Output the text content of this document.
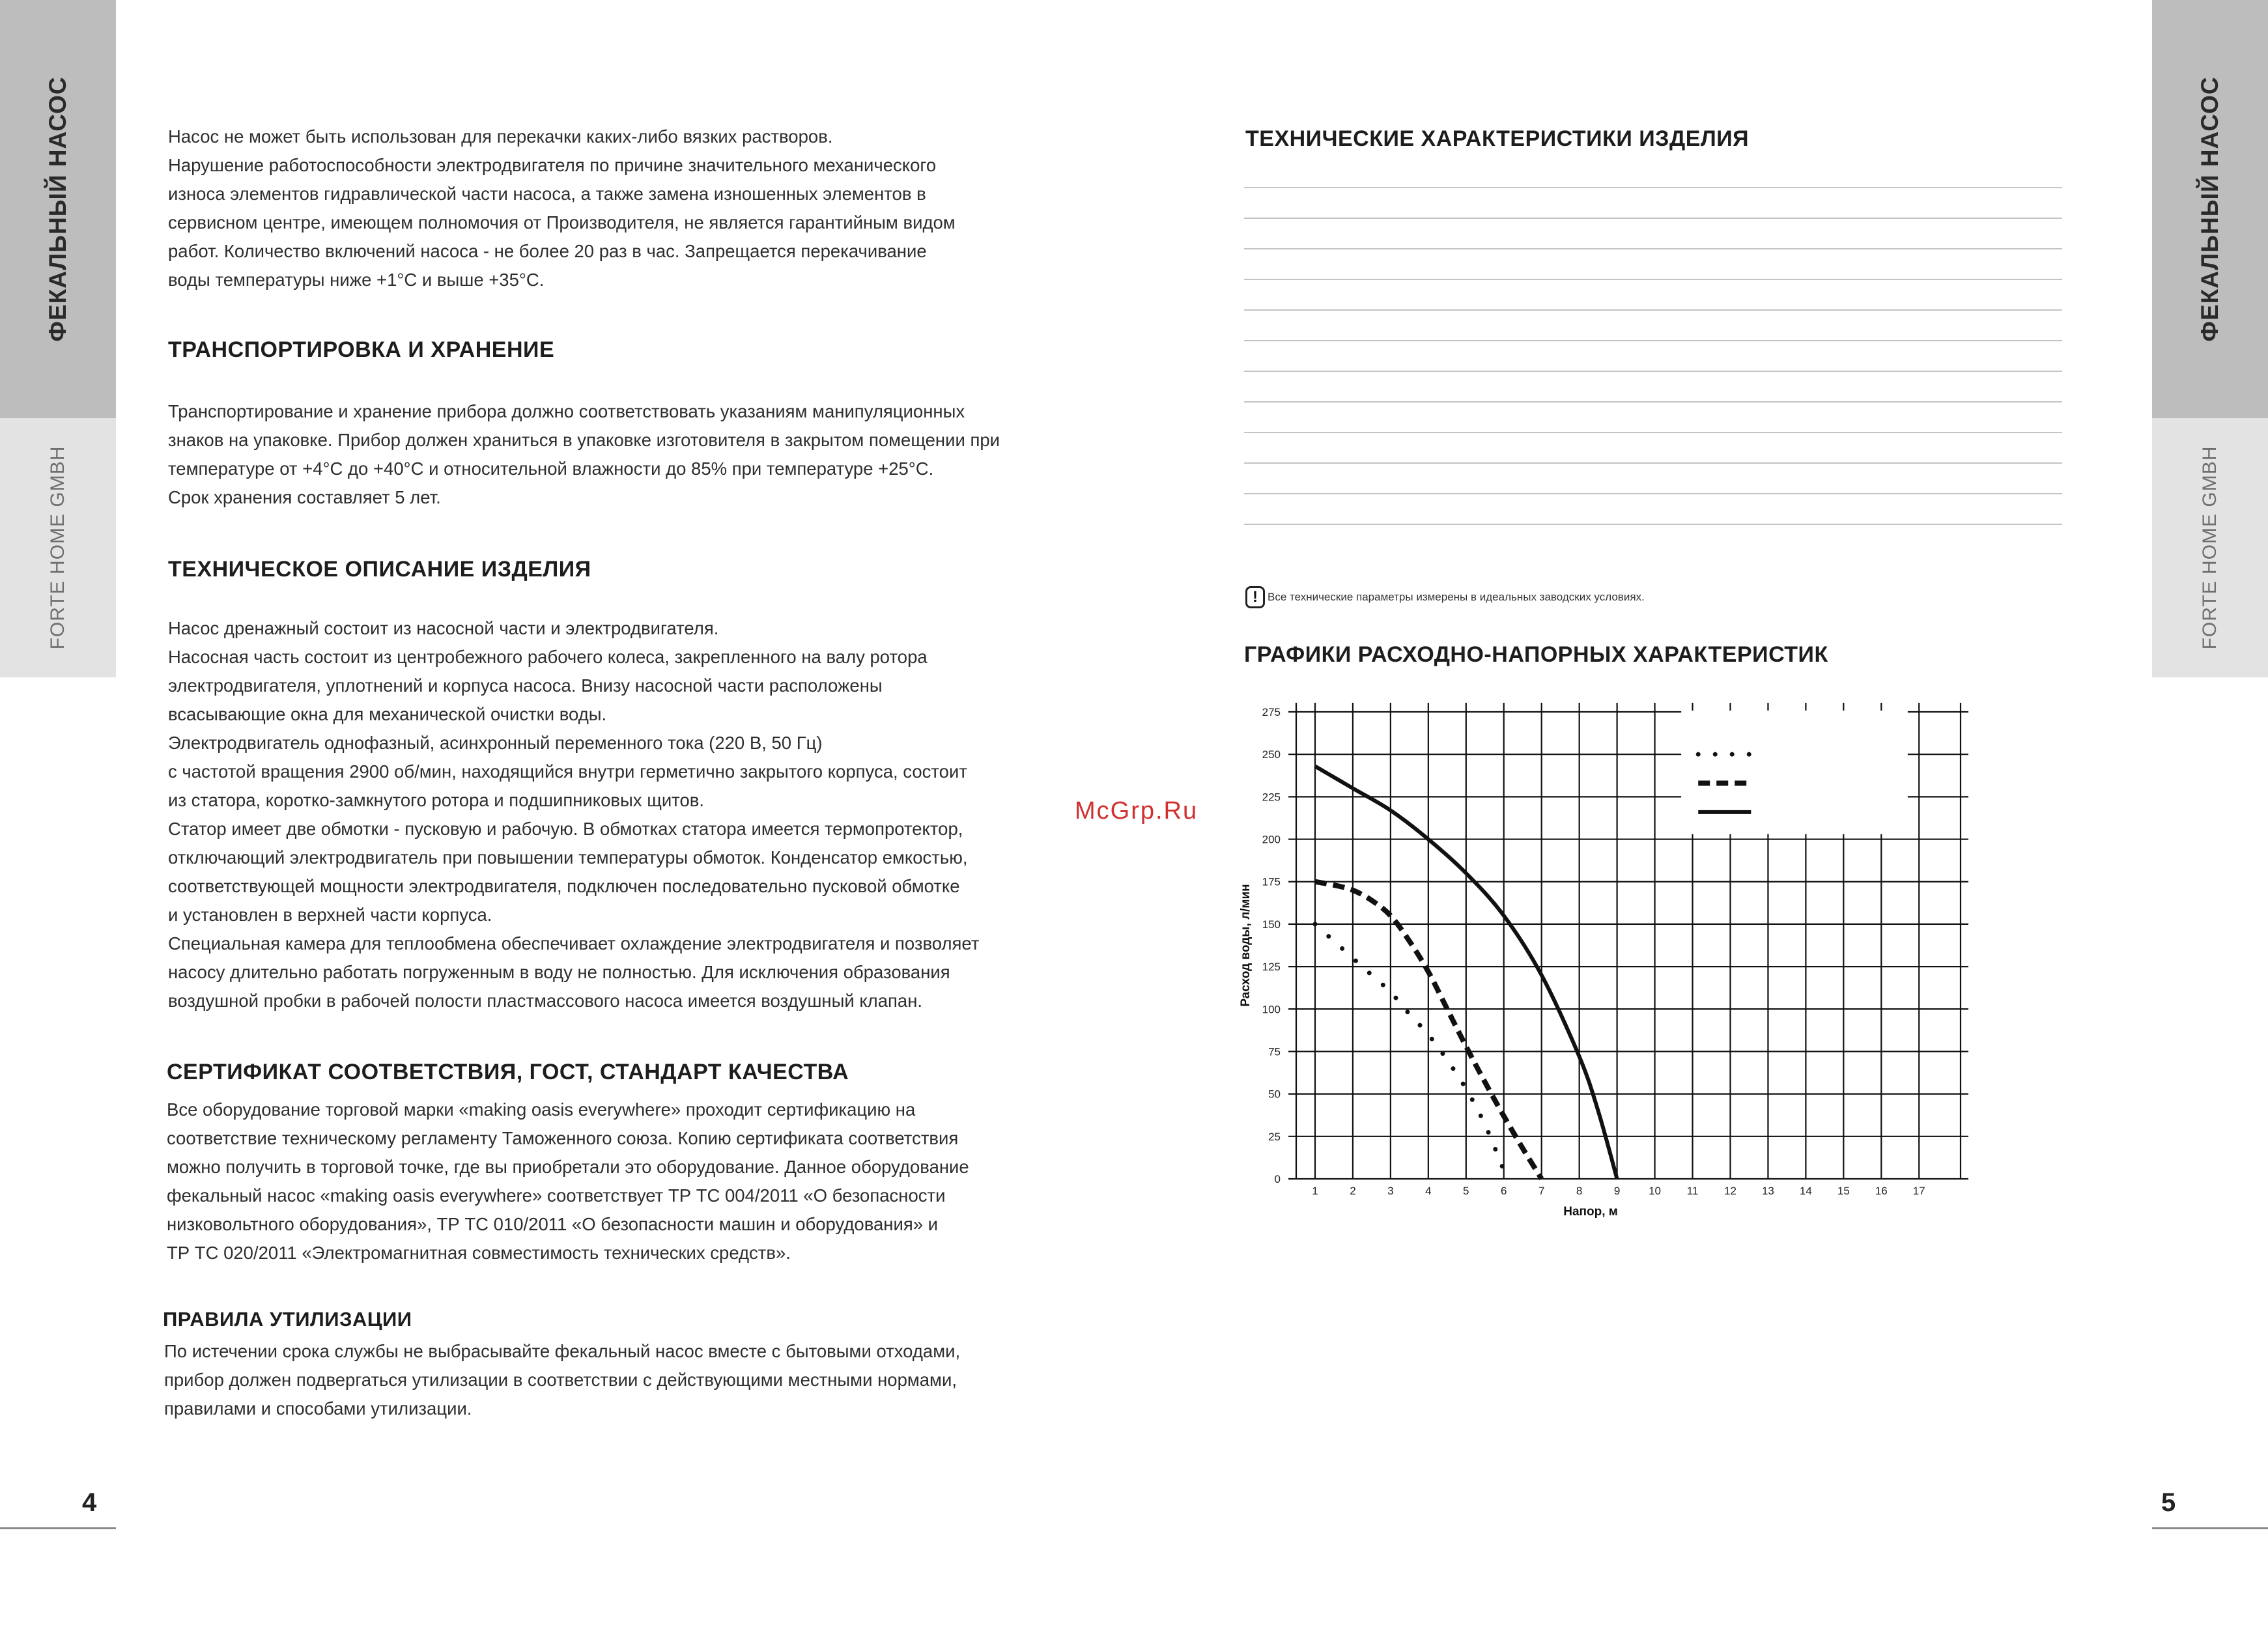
ФЕКАЛЬНЫЙ НАСОС
FORTE HOME GMBH
ФЕКАЛЬНЫЙ НАСОС
FORTE HOME GMBH
Насос не может быть использован для перекачки каких-либо вязких растворов.
Нарушение работоспособности электродвигателя по причине значительного механического
износа элементов гидравлической части насоса, а также замена изношенных элементов в
сервисном центре, имеющем полномочия от Производителя, не является гарантийным видом
работ. Количество включений насоса - не более 20 раз в час. Запрещается перекачивание
воды температуры ниже +1°C и выше +35°C.
ТРАНСПОРТИРОВКА И ХРАНЕНИЕ
Транспортирование и хранение прибора должно соответствовать указаниям манипуляционных
знаков на упаковке. Прибор должен храниться в упаковке изготовителя в закрытом помещении при
температуре от +4°C до +40°C и относительной влажности до 85% при температуре +25°C.
Срок хранения составляет 5 лет.
ТЕХНИЧЕСКОЕ ОПИСАНИЕ ИЗДЕЛИЯ
Насос дренажный состоит из насосной части и электродвигателя.
Насосная часть состоит из центробежного рабочего колеса, закрепленного на валу ротора
электродвигателя, уплотнений и корпуса насоса. Внизу насосной части расположены
всасывающие окна для механической очистки воды.
Электродвигатель однофазный, асинхронный переменного тока (220 В, 50 Гц)
с частотой вращения 2900 об/мин, находящийся внутри герметично закрытого корпуса, состоит
из статора, коротко-замкнутого ротора и подшипниковых щитов.
Статор имеет две обмотки - пусковую и рабочую. В обмотках статора имеется термопротектор,
отключающий электродвигатель при повышении температуры обмоток. Конденсатор емкостью,
соответствующей мощности электродвигателя, подключен последовательно пусковой обмотке
и установлен в верхней части корпуса.
Специальная камера для теплообмена обеспечивает охлаждение электродвигателя и позволяет
насосу длительно работать погруженным в воду не полностью. Для исключения образования
воздушной пробки в рабочей полости пластмассового насоса имеется воздушный клапан.
СЕРТИФИКАТ СООТВЕТСТВИЯ, ГОСТ, СТАНДАРТ КАЧЕСТВА
Все оборудование торговой марки «making oasis everywhere» проходит сертификацию на
соответствие техническому регламенту Таможенного союза. Копию сертификата соответствия
можно получить в торговой точке, где вы приобретали это оборудование. Данное оборудование
фекальный насос «making oasis everywhere» соответствует ТР ТС 004/2011 «О безопасности
низковольтного оборудования», ТР ТС 010/2011 «О безопасности машин и оборудования» и
ТР ТС 020/2011 «Электромагнитная совместимость технических средств».
ПРАВИЛА УТИЛИЗАЦИИ
По истечении срока службы не выбрасывайте фекальный насос вместе с бытовыми отходами,
прибор должен подвергаться утилизации в соответствии с действующими местными нормами,
правилами и способами утилизации.
4
McGrp.Ru
ТЕХНИЧЕСКИЕ ХАРАКТЕРИСТИКИ ИЗДЕЛИЯ
! Все технические параметры измерены в идеальных заводских условиях.
ГРАФИКИ РАСХОДНО-НАПОРНЫХ ХАРАКТЕРИСТИК
0
25
50
75
100
125
150
175
200
225
250
275
1	2	3	4	5	6	7	8	9	10 11 12 13 14 15 16 17
Напор, м
Расход воды, л/мин
5
